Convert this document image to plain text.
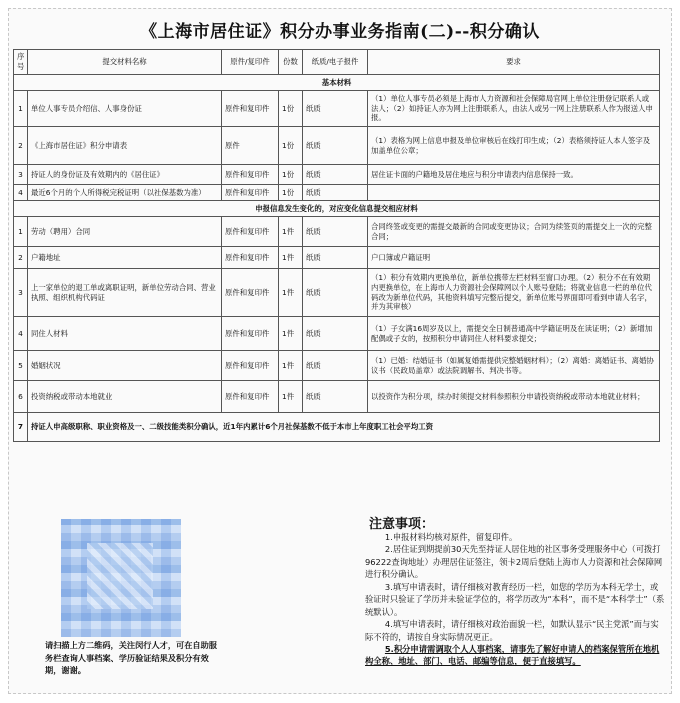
《上海市居住证》积分办事业务指南(二)--积分确认
序号	提交材料名称	原件/复印件	份数	纸质/电子报件	要求
基本材料					
1	单位人事专员介绍信、人事身份证	原件和复印件	1份	纸质	（1）单位人事专员必须是上海市人力资源和社会保障局官网上单位注册登记联系人或法人；（2）如持证人亦为网上注册联系人，由法人或另一网上注册联系人作为报送人申报。
2	《上海市居住证》积分申请表	原件	1份	纸质	（1）表格为网上信息申报及单位审核后在线打印生成；（2）表格须持证人本人签字及加盖单位公章；
3	持证人的身份证及有效期内的《居住证》	原件和复印件	1份	纸质	居住证卡面的户籍地及居住地应与积分申请表内信息保持一致。
4	最近6个月的个人所得税完税证明（以社保基数为准）	原件和复印件	1份	纸质	
申报信息发生变化的，对应变化信息提交相应材料					
1	劳动（聘用）合同	原件和复印件	1件	纸质	合同终签或变更的需提交最新的合同或变更协议；合同为续签页的需提交上一次的完整合同；
2	户籍地址	原件和复印件	1件	纸质	户口簿或户籍证明
3	上一家单位的退工单或离职证明，新单位劳动合同、营业执照、组织机构代码证	原件和复印件	1件	纸质	（1）积分有效期内更换单位，新单位携带左栏材料至窗口办理。（2）积分不在有效期内更换单位，在上海市人力资源社会保障网以个人账号登陆；将就业信息一栏的单位代码改为新单位代码，其他资料填写完整后提交，新单位账号界面即可看到申请人名字，并为其审核）
4	同住人材料	原件和复印件	1件	纸质	（1）子女满16周岁及以上，需提交全日制普通高中学籍证明及在读证明；（2）新增加配偶或子女的，按照积分申请同住人材料要求提交；
5	婚姻状况	原件和复印件	1件	纸质	（1）已婚：结婚证书（如属复婚需提供完整婚姻材料）；（2）离婚：离婚证书、离婚协议书（民政局盖章）或法院调解书、判决书等。
6	投资纳税或带动本地就业	原件和复印件	1件	纸质	以投资作为积分项，续办时须提交材料参照积分申请投资纳税或带动本地就业材料；
7	持证人申高级职称、职业资格及一、二级技能类积分确认，近1年内累计6个月社保基数不低于本市上年度职工社会平均工资				
请扫描上方二维码，关注闵行人才，可在自助服务栏查询人事档案、学历验证结果及积分有效期，谢谢。
注意事项：

1.申报材料均核对原件，留复印件。

2.居住证到期提前30天先至持证人居住地的社区事务受理服务中心（可拨打96222查询地址）办理居住证签注，领卡2周后登陆上海市人力资源和社会保障网进行积分确认。

3.填写申请表时，请仔细核对教育经历一栏，如您的学历为本科无学士，或验证时只验证了学历并未验证学位的，将学历改为“本科”，而不是“本科学士”（系统默认）。

4.填写申请表时，请仔细核对政治面貌一栏，如默认显示“民主党派”而与实际不符的，请按自身实际情况更正。

5.积分申请需调取个人人事档案，请事先了解好申请人的档案保管所在地机构全称、地址、部门、电话、邮编等信息，便于直接填写。
